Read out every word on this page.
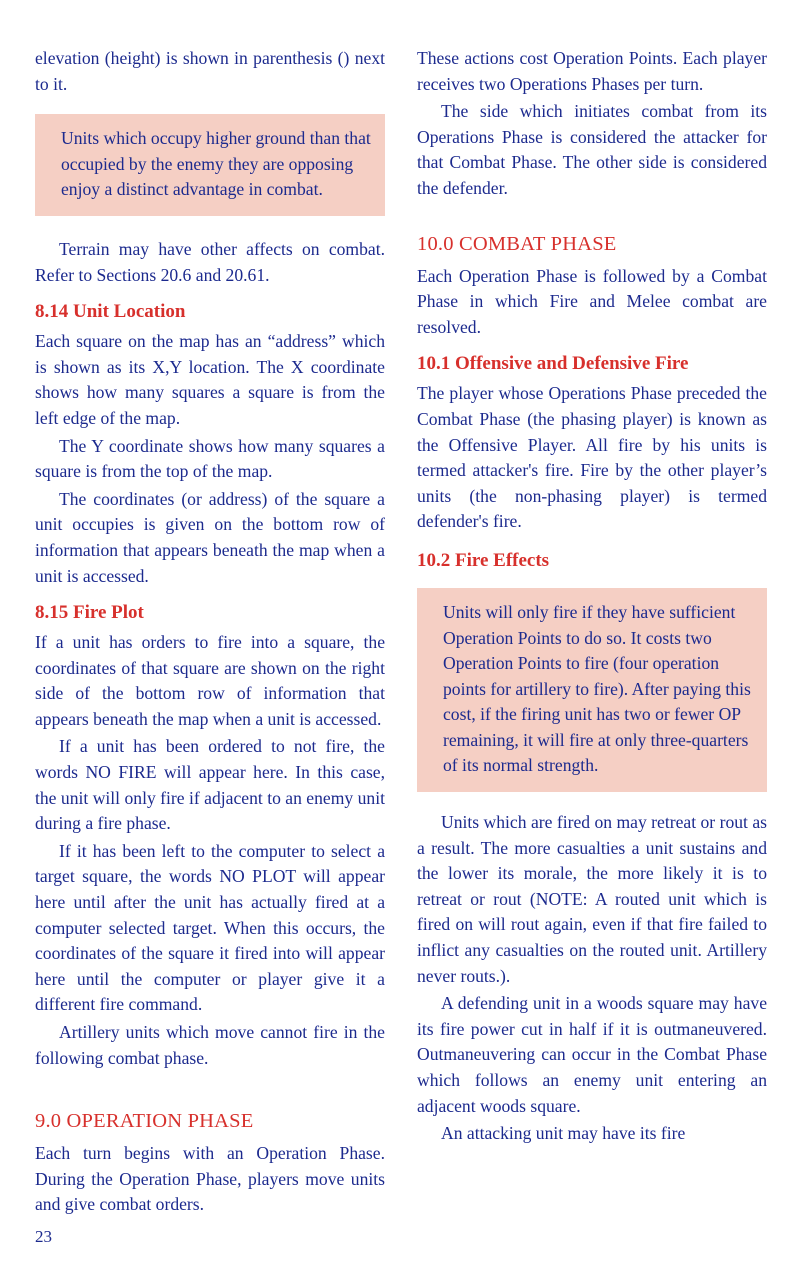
elevation (height) is shown in parenthesis () next to it.

Units which occupy higher ground than that occupied by the enemy they are opposing enjoy a distinct advantage in combat.

Terrain may have other affects on combat. Refer to Sections 20.6 and 20.61.

8.14 Unit Location

Each square on the map has an “address” which is shown as its X,Y location. The X coordinate shows how many squares a square is from the left edge of the map.

The Y coordinate shows how many squares a square is from the top of the map.

The coordinates (or address) of the square a unit occupies is given on the bottom row of information that appears beneath the map when a unit is accessed.

8.15 Fire Plot

If a unit has orders to fire into a square, the coordinates of that square are shown on the right side of the bottom row of information that appears beneath the map when a unit is accessed.

If a unit has been ordered to not fire, the words NO FIRE will appear here. In this case, the unit will only fire if adjacent to an enemy unit during a fire phase.

If it has been left to the computer to select a target square, the words NO PLOT will appear here until after the unit has actually fired at a computer selected target. When this occurs, the coordinates of the square it fired into will appear here until the computer or player give it a different fire command.

Artillery units which move cannot fire in the following combat phase.

9.0 OPERATION PHASE

Each turn begins with an Operation Phase. During the Operation Phase, players move units and give combat orders.

These actions cost Operation Points. Each player receives two Operations Phases per turn.

The side which initiates combat from its Operations Phase is considered the attacker for that Combat Phase. The other side is considered the defender.

10.0 COMBAT PHASE

Each Operation Phase is followed by a Combat Phase in which Fire and Melee combat are resolved.

10.1 Offensive and Defensive Fire

The player whose Operations Phase preceded the Combat Phase (the phasing player) is known as the Offensive Player. All fire by his units is termed attacker's fire. Fire by the other player’s units (the non-phasing player) is termed defender's fire.

10.2 Fire Effects
Units will only fire if they have sufficient Operation Points to do so. It costs two Operation Points to fire (four operation points for artillery to fire). After paying this cost, if the firing unit has two or fewer OP remaining, it will fire at only three-quarters of its normal strength.

Units which are fired on may retreat or rout as a result. The more casualties a unit sustains and the lower its morale, the more likely it is to retreat or rout (NOTE: A routed unit which is fired on will rout again, even if that fire failed to inflict any casualties on the routed unit. Artillery never routs.).

A defending unit in a woods square may have its fire power cut in half if it is outmaneuvered. Outmaneuvering can occur in the Combat Phase which follows an enemy unit entering an adjacent woods square.

An attacking unit may have its fire

23
